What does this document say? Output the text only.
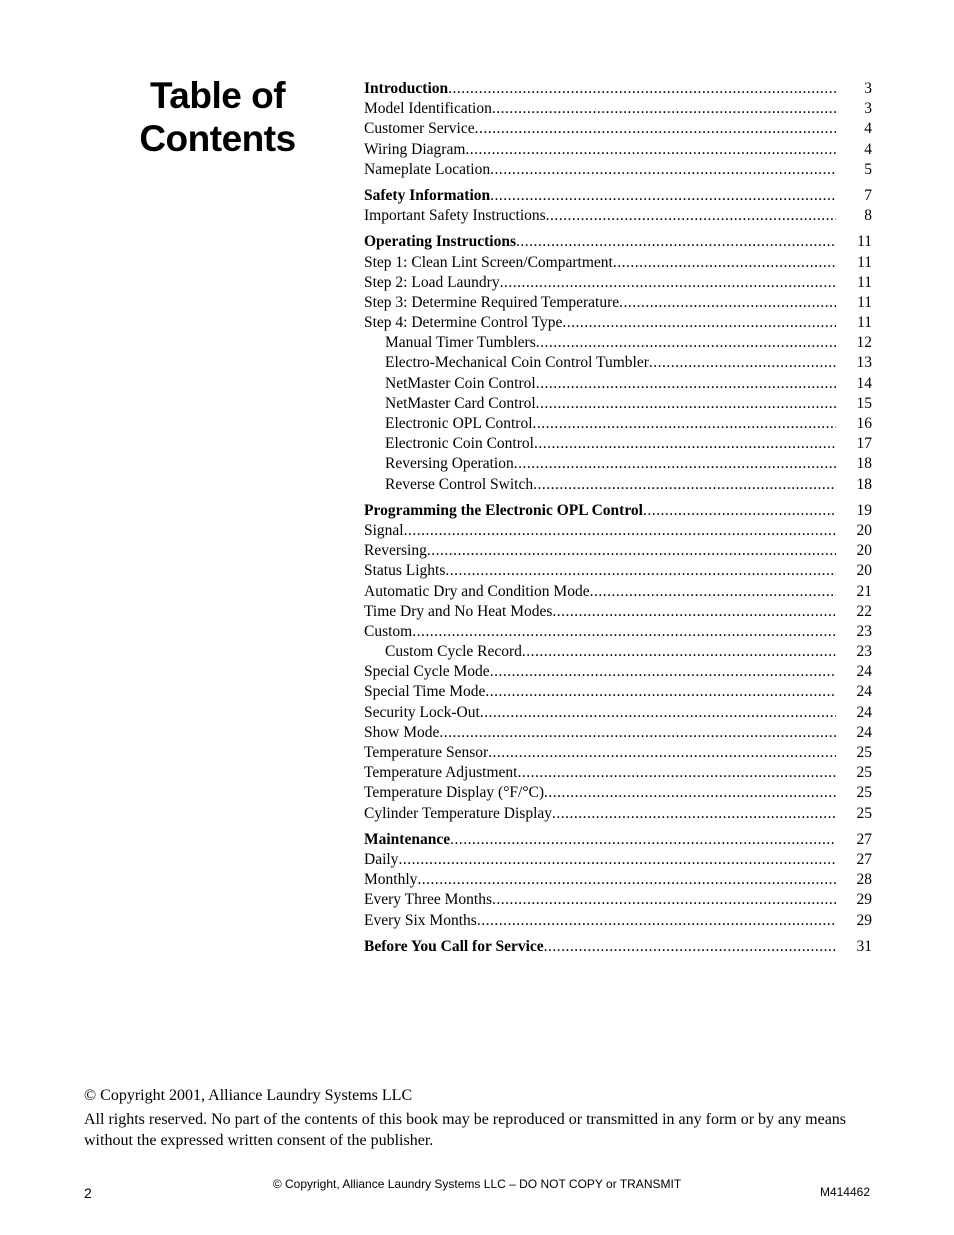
Table of
Contents
Introduction .....	3
Model Identification .....	3
Customer Service .....	4
Wiring Diagram .....	4
Nameplate Location .....	5
Safety Information .....	7
Important Safety Instructions .....	8
Operating Instructions .....	11
Step 1: Clean Lint Screen/Compartment .....	11
Step 2: Load Laundry .....	11
Step 3: Determine Required Temperature .....	11
Step 4: Determine Control Type .....	11
Manual Timer Tumblers .....	12
Electro-Mechanical Coin Control Tumbler .....	13
NetMaster Coin Control .....	14
NetMaster Card Control .....	15
Electronic OPL Control .....	16
Electronic Coin Control .....	17
Reversing Operation .....	18
Reverse Control Switch .....	18
Programming the Electronic OPL Control .....	19
Signal .....	20
Reversing .....	20
Status Lights .....	20
Automatic Dry and Condition Mode .....	21
Time Dry and No Heat Modes .....	22
Custom .....	23
Custom Cycle Record .....	23
Special Cycle Mode .....	24
Special Time Mode .....	24
Security Lock-Out .....	24
Show Mode .....	24
Temperature Sensor .....	25
Temperature Adjustment .....	25
Temperature Display (°F/°C) .....	25
Cylinder Temperature Display .....	25
Maintenance .....	27
Daily .....	27
Monthly .....	28
Every Three Months .....	29
Every Six Months .....	29
Before You Call for Service .....	31

© Copyright 2001, Alliance Laundry Systems LLC

All rights reserved. No part of the contents of this book may be reproduced or transmitted in any form or by any means without the expressed written consent of the publisher.

2
© Copyright, Alliance Laundry Systems LLC – DO NOT COPY or TRANSMIT
M414462
